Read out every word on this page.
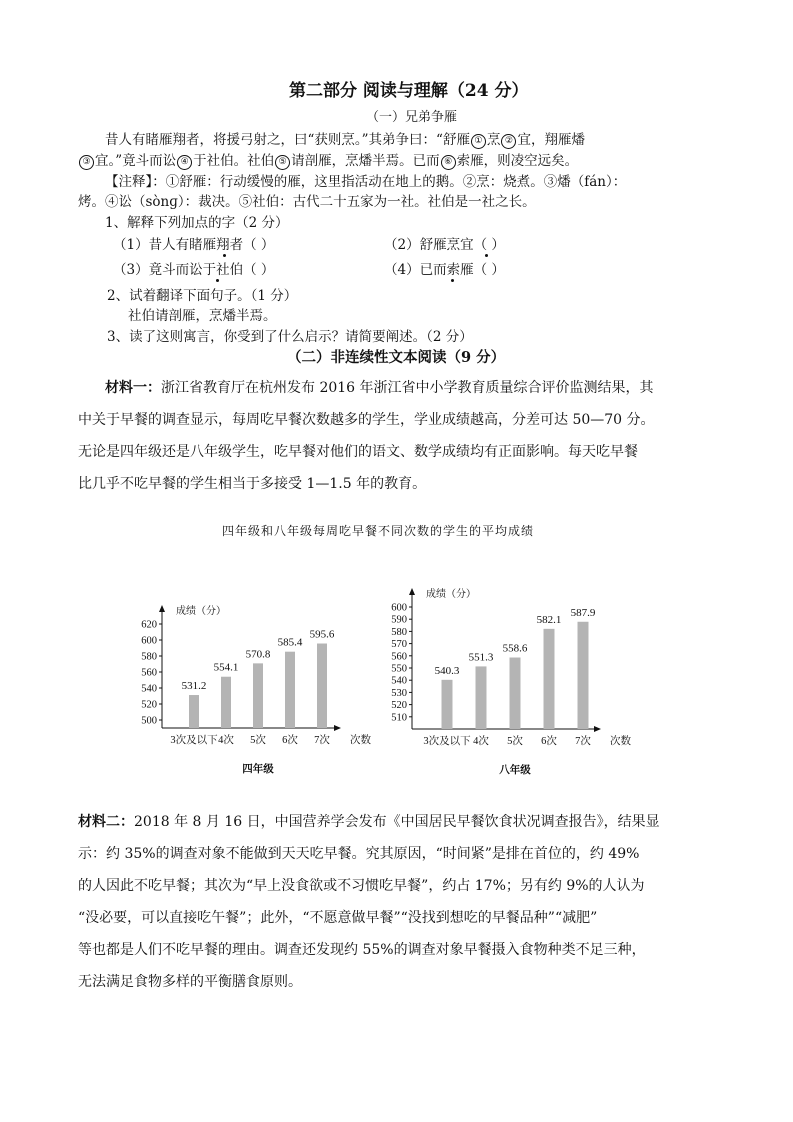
第二部分 阅读与理解（24 分）
（一）兄弟争雁
昔人有睹雁翔者，将援弓射之，曰“获则烹。”其弟争曰：“舒雁 ① 烹 ② 宜，翔雁燔
③ 宜。”竟斗而讼 ④ 于社伯。社伯 ⑤ 请剖雁，烹燔半焉。已而 ⑥ 索雁，则凌空远矣。
【注释】：①舒雁：行动缓慢的雁，这里指活动在地上的鹅。②烹：烧煮。③燔（fán）：
烤。④讼（sònɡ）：裁决。⑤社伯：古代二十五家为一社。社伯是一社之长。
1、解释下列加点的字（2 分）
（1）昔人有睹雁翔者（ ）	（2）舒雁烹宜（ ）
（3）竟斗而讼于社伯（ ）	（4）已而索雁（ ）
2、试着翻译下面句子。（1 分）
社伯请剖雁，烹燔半焉。
3、读了这则寓言，你受到了什么启示？请简要阐述。（2 分）
（二）非连续性文本阅读（9 分）
材料一：浙江省教育厅在杭州发布 2016 年浙江省中小学教育质量综合评价监测结果，其
中关于早餐的调查显示，每周吃早餐次数越多的学生，学业成绩越高，分差可达 50—70 分。
无论是四年级还是八年级学生，吃早餐对他们的语文、数学成绩均有正面影响。每天吃早餐
比几乎不吃早餐的学生相当于多接受 1—1.5 年的教育。
四年级和八年级每周吃早餐不同次数的学生的平均成绩
成绩（分）
500
520
540
560
580
600
620
531.2
3次及以下
554.1
4次
570.8
5次
585.4
6次
595.6
7次 次数
四年级
成绩（分）
510
520
530
540
550
560
570
580
590
600
540.3
3次及以下
551.3
4次
558.6
5次
582.1
6次
587.9
7次 次数
八年级
材料二：2018 年 8 月 16 日，中国营养学会发布《中国居民早餐饮食状况调查报告》，结果显
示：约 35%的调查对象不能做到天天吃早餐。究其原因，“时间紧”是排在首位的，约 49%
的人因此不吃早餐；其次为“早上没食欲或不习惯吃早餐”，约占 17%；另有约 9%的人认为
“没必要，可以直接吃午餐”；此外，“不愿意做早餐”“没找到想吃的早餐品种”“减肥”
等也都是人们不吃早餐的理由。调查还发现约 55%的调查对象早餐摄入食物种类不足三种，
无法满足食物多样的平衡膳食原则。
